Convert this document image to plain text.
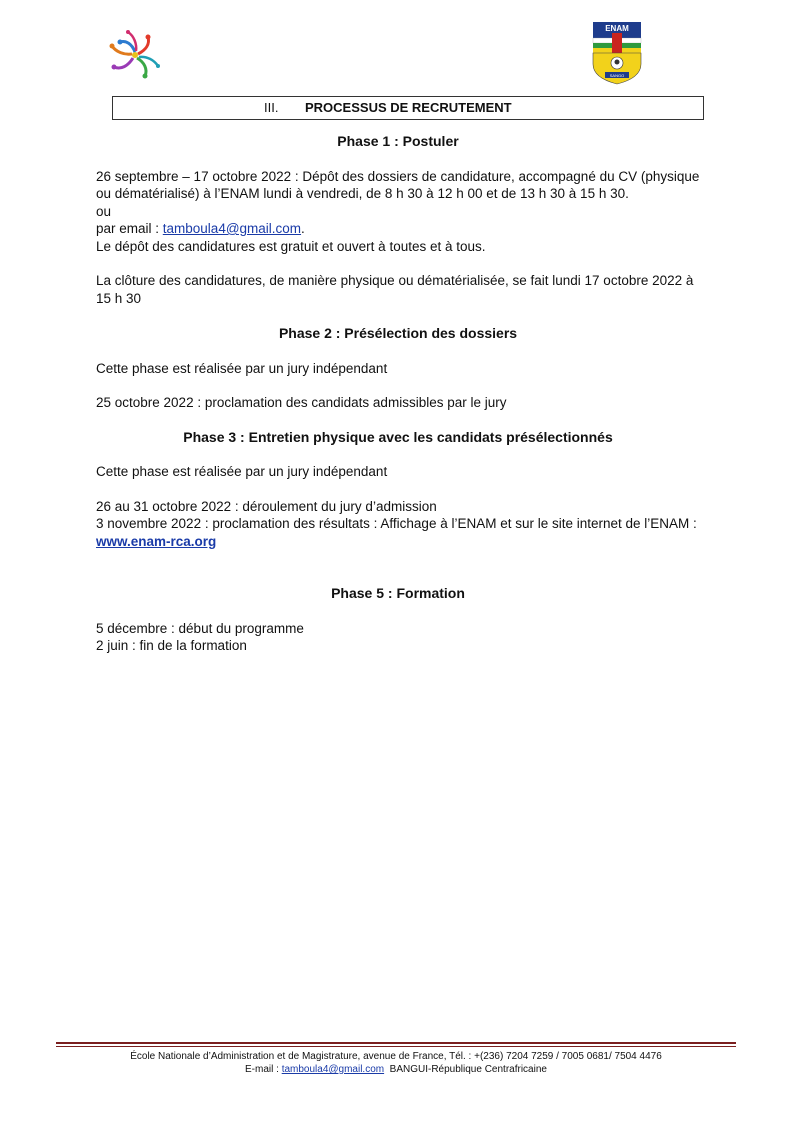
ENAM
SANGO
III. PROCESSUS DE RECRUTEMENT

Phase 1 : Postuler

26 septembre – 17 octobre 2022 : Dépôt des dossiers de candidature, accompagné du CV (physique ou dématérialisé) à l’ENAM lundi à vendredi, de 8 h 30 à 12 h 00 et de 13 h 30 à 15 h 30.

ou

par email : tamboula4@gmail.com.

Le dépôt des candidatures est gratuit et ouvert à toutes et à tous.

La clôture des candidatures, de manière physique ou dématérialisée, se fait lundi 17 octobre 2022 à 15 h 30

Phase 2 : Présélection des dossiers

Cette phase est réalisée par un jury indépendant

25 octobre 2022 : proclamation des candidats admissibles par le jury

Phase 3 : Entretien physique avec les candidats présélectionnés

Cette phase est réalisée par un jury indépendant

26 au 31 octobre 2022 : déroulement du jury d’admission

3 novembre 2022 : proclamation des résultats : Affichage à l’ENAM et sur le site internet de l’ENAM : www.enam-rca.org

Phase 5 : Formation

5 décembre : début du programme

2 juin : fin de la formation

École Nationale d’Administration et de Magistrature, avenue de France, Tél. : +(236) 7204 7259 / 7005 0681/ 7504 4476
E-mail : tamboula4@gmail.com  BANGUI-République Centrafricaine
